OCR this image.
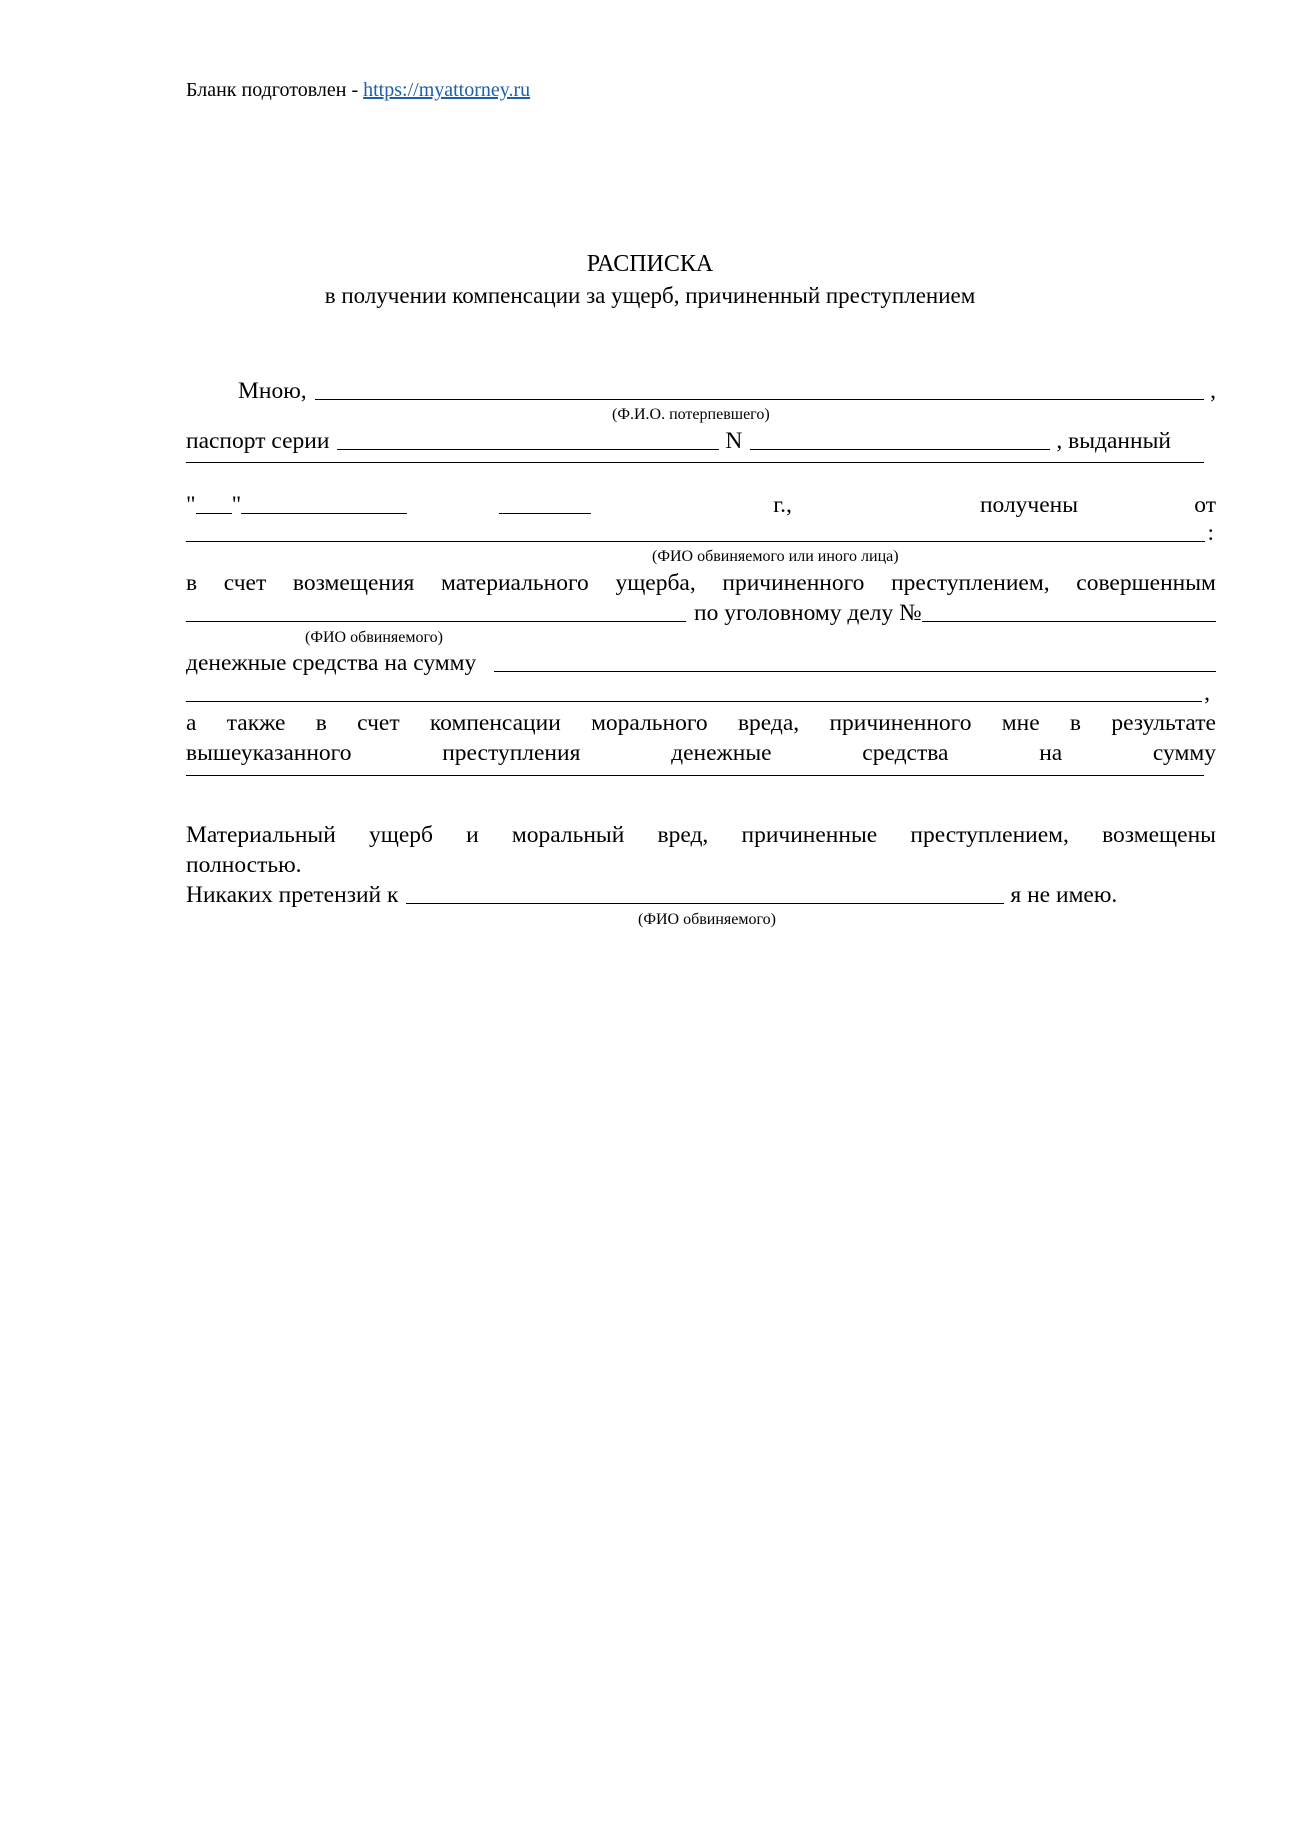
Бланк подготовлен - https://myattorney.ru
РАСПИСКА
в получении компенсации за ущерб, причиненный преступлением
Мною,	,
(Ф.И.О. потерпевшего)
паспорт серии	N	, выданный
" "	г.,	получены	от
:
(ФИО обвиняемого или иного лица)
в счет возмещения материального ущерба, причиненного преступлением, совершенным
по уголовному делу №
(ФИО обвиняемого)
денежные средства на сумму
,
а также в счет компенсации морального вреда, причиненного мне в результате
вышеуказанного	преступления	денежные	средства	на	сумму
Материальный ущерб и моральный вред, причиненные преступлением, возмещены
полностью.
Никаких претензий к	я не имею.
(ФИО обвиняемого)
